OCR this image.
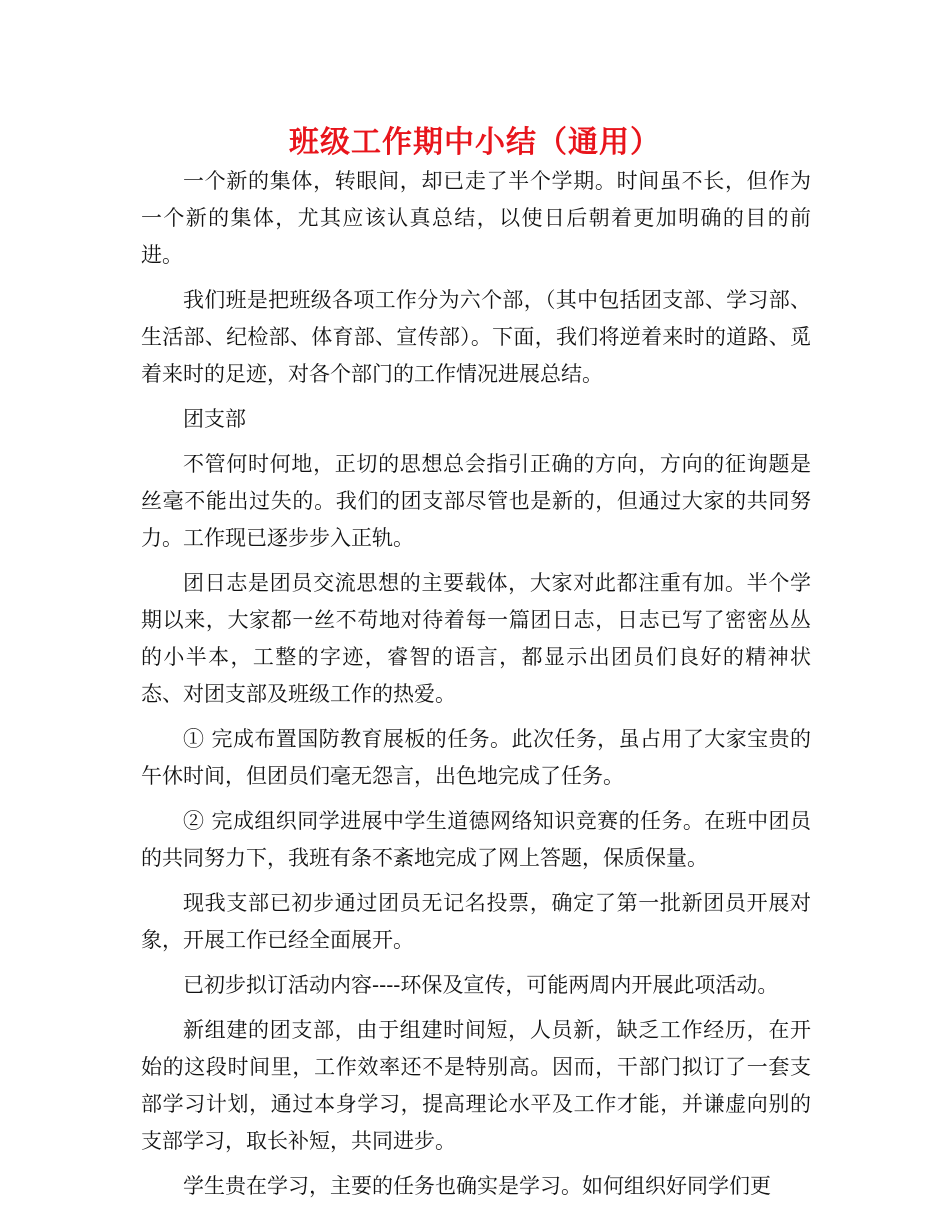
班级工作期中小结（通用）

一个新的集体，转眼间，却已走了半个学期。时间虽不长，但作为一个新的集体，尤其应该认真总结，以使日后朝着更加明确的目的前进。

我们班是把班级各项工作分为六个部，（其中包括团支部、学习部、生活部、纪检部、体育部、宣传部）。下面，我们将逆着来时的道路、觅着来时的足迹，对各个部门的工作情况进展总结。

团支部

不管何时何地，正切的思想总会指引正确的方向，方向的征询题是丝毫不能出过失的。我们的团支部尽管也是新的，但通过大家的共同努力。工作现已逐步步入正轨。

团日志是团员交流思想的主要载体，大家对此都注重有加。半个学期以来，大家都一丝不苟地对待着每一篇团日志，日志已写了密密丛丛的小半本，工整的字迹，睿智的语言，都显示出团员们良好的精神状态、对团支部及班级工作的热爱。

① 完成布置国防教育展板的任务。此次任务，虽占用了大家宝贵的午休时间，但团员们毫无怨言，出色地完成了任务。

② 完成组织同学进展中学生道德网络知识竞赛的任务。在班中团员的共同努力下，我班有条不紊地完成了网上答题，保质保量。

现我支部已初步通过团员无记名投票，确定了第一批新团员开展对象，开展工作已经全面展开。

已初步拟订活动内容----环保及宣传，可能两周内开展此项活动。

新组建的团支部，由于组建时间短，人员新，缺乏工作经历，在开始的这段时间里，工作效率还不是特别高。因而，干部门拟订了一套支部学习计划，通过本身学习，提高理论水平及工作才能，并谦虚向别的支部学习，取长补短，共同进步。

学生贵在学习，主要的任务也确实是学习。如何组织好同学们更
